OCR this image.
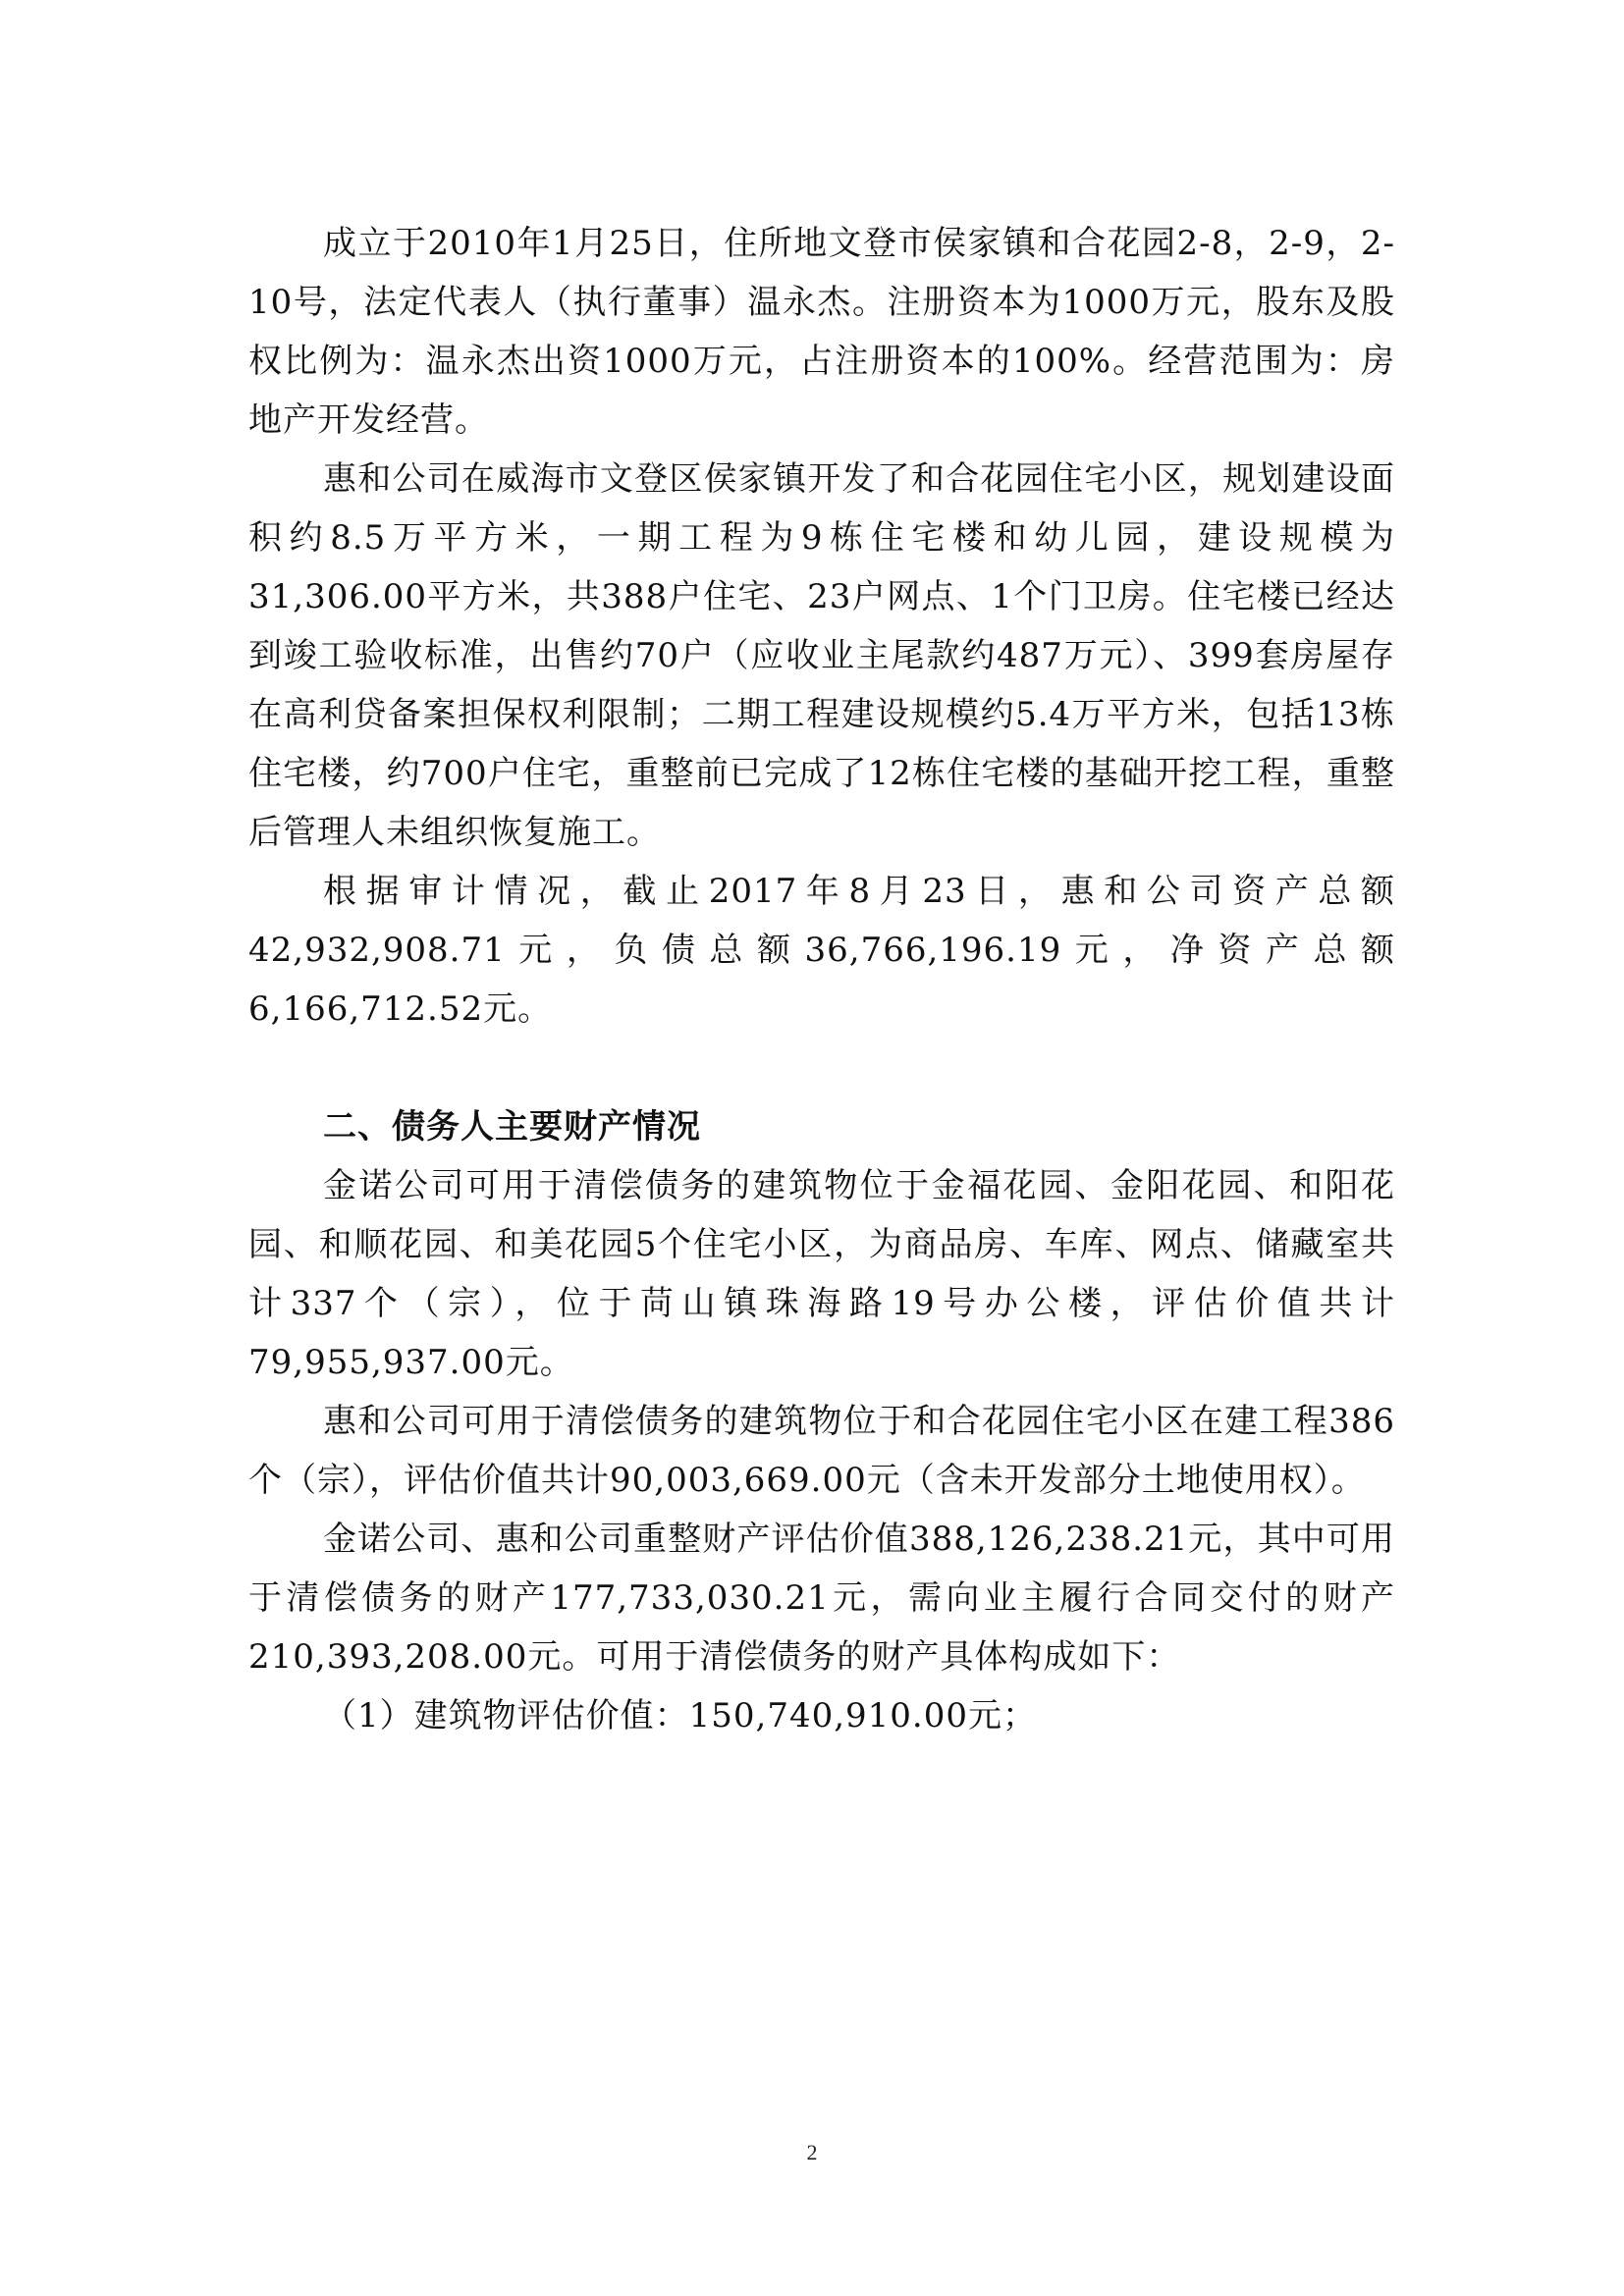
成立于2010年1月25日，住所地文登市侯家镇和合花园2-8，2-9，2-10号，法定代表人（执行董事）温永杰。注册资本为1000万元，股东及股权比例为：温永杰出资1000万元，占注册资本的100%。经营范围为：房地产开发经营。

惠和公司在威海市文登区侯家镇开发了和合花园住宅小区，规划建设面积约8.5万平方米，一期工程为9栋住宅楼和幼儿园，建设规模为31,306.00平方米，共388户住宅、23户网点、1个门卫房。住宅楼已经达到竣工验收标准，出售约70户（应收业主尾款约487万元）、399套房屋存在高利贷备案担保权利限制；二期工程建设规模约5.4万平方米，包括13栋住宅楼，约700户住宅，重整前已完成了12栋住宅楼的基础开挖工程，重整后管理人未组织恢复施工。

根据审计情况，截止2017年8月23日，惠和公司资产总额42,932,908.71元，负债总额36,766,196.19元，净资产总额6,166,712.52元。

二、债务人主要财产情况

金诺公司可用于清偿债务的建筑物位于金福花园、金阳花园、和阳花园、和顺花园、和美花园5个住宅小区，为商品房、车库、网点、储藏室共计337个（宗），位于苘山镇珠海路19号办公楼，评估价值共计79,955,937.00元。

惠和公司可用于清偿债务的建筑物位于和合花园住宅小区在建工程386个（宗），评估价值共计90,003,669.00元（含未开发部分土地使用权）。

金诺公司、惠和公司重整财产评估价值388,126,238.21元，其中可用于清偿债务的财产177,733,030.21元，需向业主履行合同交付的财产210,393,208.00元。可用于清偿债务的财产具体构成如下：

（1）建筑物评估价值：150,740,910.00元；

2
